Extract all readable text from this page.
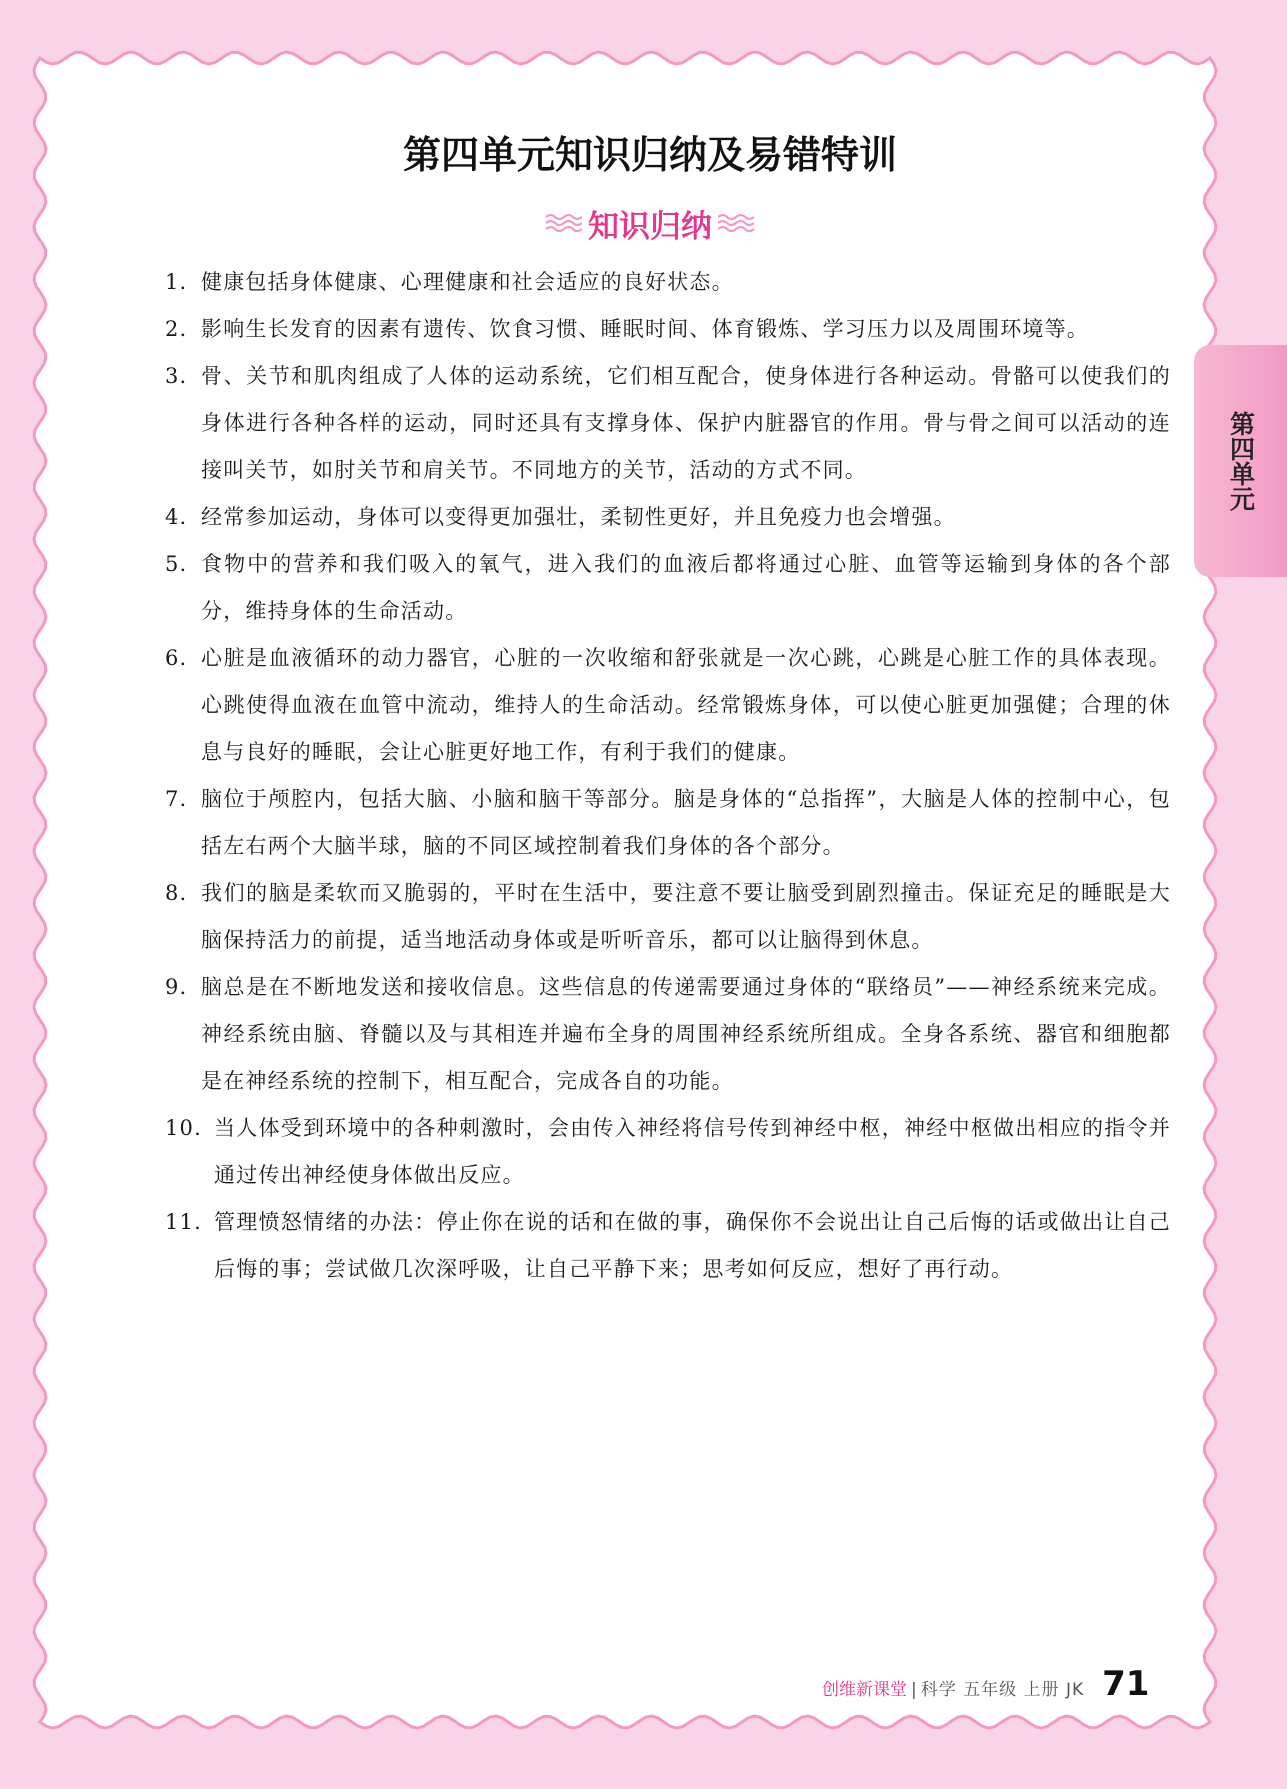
第四单元知识归纳及易错特训
知识归纳
第四单元
1. 健康包括身体健康、心理健康和社会适应的良好状态。
2. 影响生长发育的因素有遗传、饮食习惯、睡眠时间、体育锻炼、学习压力以及周围环境等。
3. 骨、关节和肌肉组成了人体的运动系统，它们相互配合，使身体进行各种运动。骨骼可以使我们的身体进行各种各样的运动，同时还具有支撑身体、保护内脏器官的作用。骨与骨之间可以活动的连接叫关节，如肘关节和肩关节。不同地方的关节，活动的方式不同。
4. 经常参加运动，身体可以变得更加强壮，柔韧性更好，并且免疫力也会增强。
5. 食物中的营养和我们吸入的氧气，进入我们的血液后都将通过心脏、血管等运输到身体的各个部分，维持身体的生命活动。
6. 心脏是血液循环的动力器官，心脏的一次收缩和舒张就是一次心跳，心跳是心脏工作的具体表现。心跳使得血液在血管中流动，维持人的生命活动。经常锻炼身体，可以使心脏更加强健；合理的休息与良好的睡眠，会让心脏更好地工作，有利于我们的健康。
7. 脑位于颅腔内，包括大脑、小脑和脑干等部分。脑是身体的“总指挥”，大脑是人体的控制中心，包括左右两个大脑半球，脑的不同区域控制着我们身体的各个部分。
8. 我们的脑是柔软而又脆弱的，平时在生活中，要注意不要让脑受到剧烈撞击。保证充足的睡眠是大脑保持活力的前提，适当地活动身体或是听听音乐，都可以让脑得到休息。
9. 脑总是在不断地发送和接收信息。这些信息的传递需要通过身体的“联络员”——神经系统来完成。神经系统由脑、脊髓以及与其相连并遍布全身的周围神经系统所组成。全身各系统、器官和细胞都是在神经系统的控制下，相互配合，完成各自的功能。
10. 当人体受到环境中的各种刺激时，会由传入神经将信号传到神经中枢，神经中枢做出相应的指令并通过传出神经使身体做出反应。
11. 管理愤怒情绪的办法：停止你在说的话和在做的事，确保你不会说出让自己后悔的话或做出让自己后悔的事；尝试做几次深呼吸，让自己平静下来；思考如何反应，想好了再行动。
创维新课堂 | 科学 五年级 上册 JK 71
